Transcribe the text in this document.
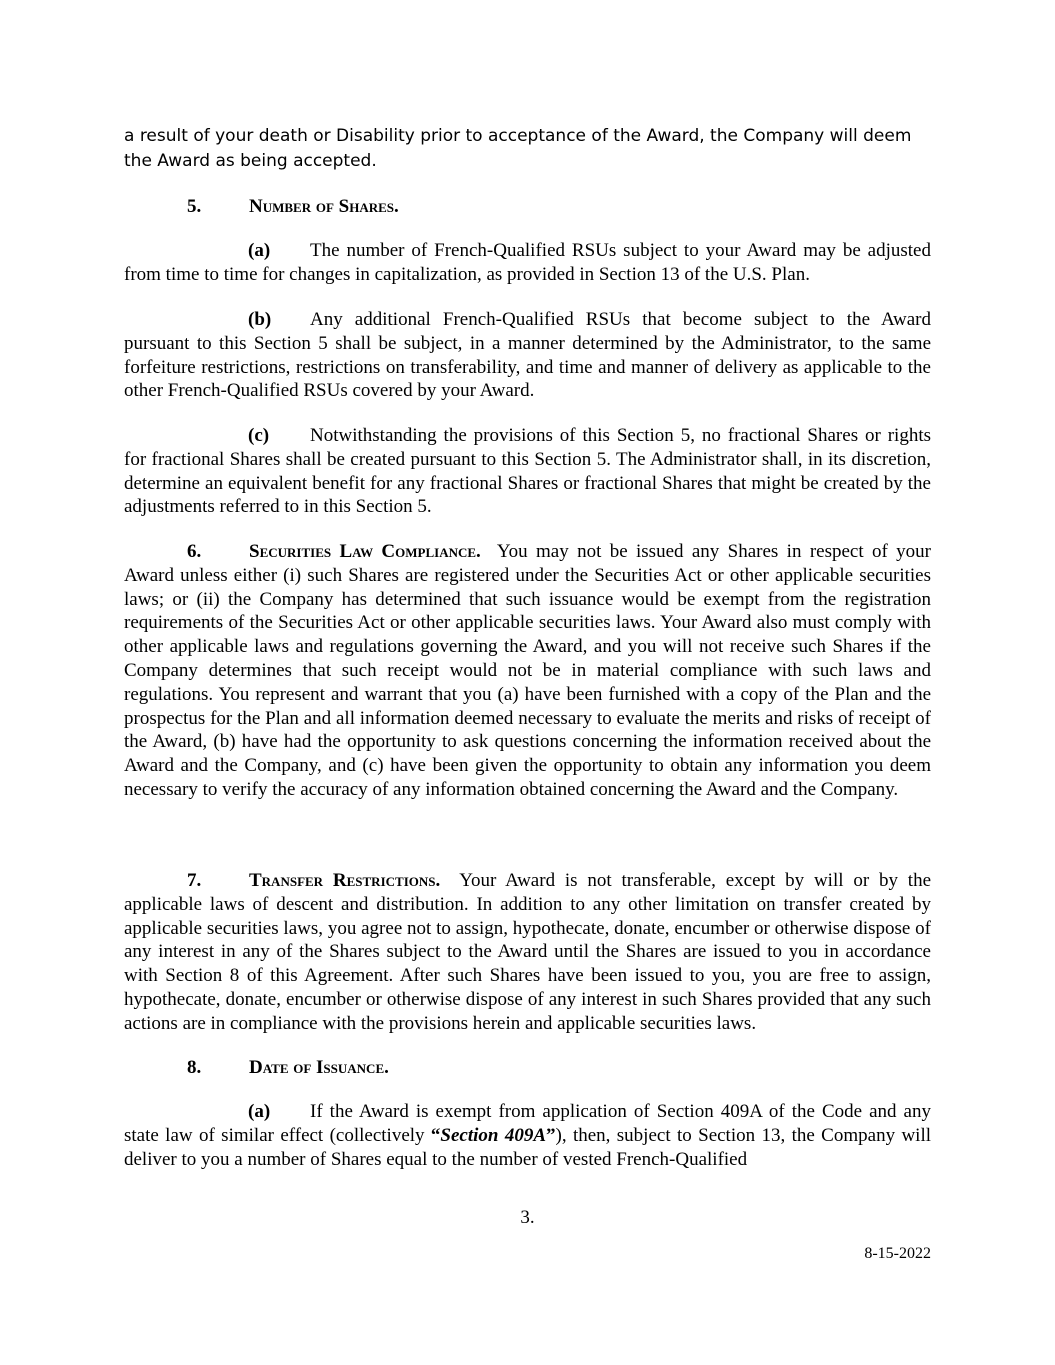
a result of your death or Disability prior to acceptance of the Award, the Company will deem the Award as being accepted.

5.	Number of Shares.

(a) The number of French-Qualified RSUs subject to your Award may be adjusted from time to time for changes in capitalization, as provided in Section 13 of the U.S. Plan.

(b) Any additional French-Qualified RSUs that become subject to the Award pursuant to this Section 5 shall be subject, in a manner determined by the Administrator, to the same forfeiture restrictions, restrictions on transferability, and time and manner of delivery as applicable to the other French-Qualified RSUs covered by your Award.

(c) Notwithstanding the provisions of this Section 5, no fractional Shares or rights for fractional Shares shall be created pursuant to this Section 5. The Administrator shall, in its discretion, determine an equivalent benefit for any fractional Shares or fractional Shares that might be created by the adjustments referred to in this Section 5.

6.	Securities Law Compliance. You may not be issued any Shares in respect of your Award unless either (i) such Shares are registered under the Securities Act or other applicable securities laws; or (ii) the Company has determined that such issuance would be exempt from the registration requirements of the Securities Act or other applicable securities laws. Your Award also must comply with other applicable laws and regulations governing the Award, and you will not receive such Shares if the Company determines that such receipt would not be in material compliance with such laws and regulations. You represent and warrant that you (a) have been furnished with a copy of the Plan and the prospectus for the Plan and all information deemed necessary to evaluate the merits and risks of receipt of the Award, (b) have had the opportunity to ask questions concerning the information received about the Award and the Company, and (c) have been given the opportunity to obtain any information you deem necessary to verify the accuracy of any information obtained concerning the Award and the Company.

7.	Transfer Restrictions. Your Award is not transferable, except by will or by the applicable laws of descent and distribution. In addition to any other limitation on transfer created by applicable securities laws, you agree not to assign, hypothecate, donate, encumber or otherwise dispose of any interest in any of the Shares subject to the Award until the Shares are issued to you in accordance with Section 8 of this Agreement. After such Shares have been issued to you, you are free to assign, hypothecate, donate, encumber or otherwise dispose of any interest in such Shares provided that any such actions are in compliance with the provisions herein and applicable securities laws.

8.	Date of Issuance.

(a) If the Award is exempt from application of Section 409A of the Code and any state law of similar effect (collectively “Section 409A”), then, subject to Section 13, the Company will deliver to you a number of Shares equal to the number of vested French-Qualified

3.
8-15-2022
